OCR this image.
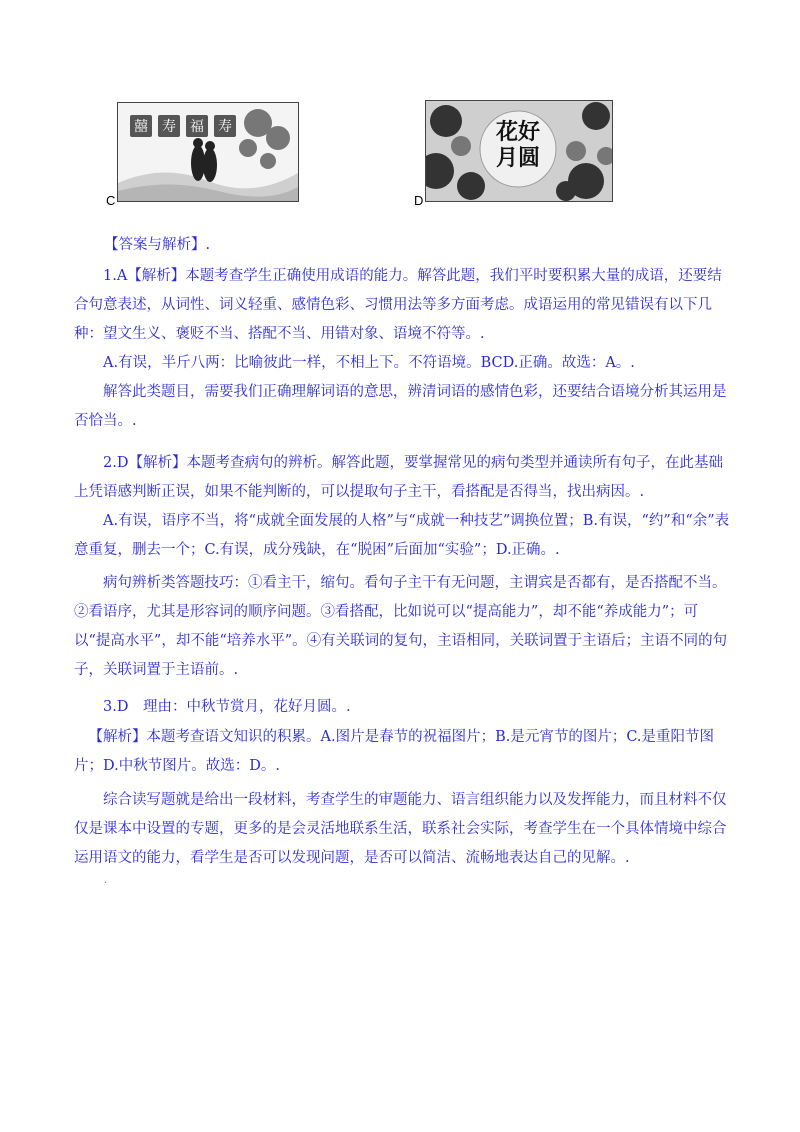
囍 寿 福 寿
C
花好
月圆
D
【答案与解析】.

1.A【解析】本题考查学生正确使用成语的能力。解答此题，我们平时要积累大量的成语，还要结合句意表述，从词性、词义轻重、感情色彩、习惯用法等多方面考虑。成语运用的常见错误有以下几种：望文生义、褒贬不当、搭配不当、用错对象、语境不符等。.

A.有误，半斤八两：比喻彼此一样，不相上下。不符语境。BCD.正确。故选：A。.

解答此类题目，需要我们正确理解词语的意思，辨清词语的感情色彩，还要结合语境分析其运用是否恰当。.

2.D【解析】本题考查病句的辨析。解答此题，要掌握常见的病句类型并通读所有句子，在此基础上凭语感判断正误，如果不能判断的，可以提取句子主干，看搭配是否得当，找出病因。.

A.有误，语序不当，将“成就全面发展的人格”与“成就一种技艺”调换位置；B.有误，“约”和“余”表意重复，删去一个；C.有误，成分残缺，在“脱困”后面加“实验”；D.正确。.

病句辨析类答题技巧：①看主干，缩句。看句子主干有无问题，主谓宾是否都有，是否搭配不当。②看语序，尤其是形容词的顺序问题。③看搭配，比如说可以“提高能力”，却不能“养成能力”；可以“提高水平”，却不能“培养水平”。④有关联词的复句，主语相同，关联词置于主语后；主语不同的句子，关联词置于主语前。.

3.D　理由：中秋节赏月，花好月圆。.

【解析】本题考查语文知识的积累。A.图片是春节的祝福图片；B.是元宵节的图片；C.是重阳节图片；D.中秋节图片。故选：D。.

综合读写题就是给出一段材料，考查学生的审题能力、语言组织能力以及发挥能力，而且材料不仅仅是课本中设置的专题，更多的是会灵活地联系生活，联系社会实际，考查学生在一个具体情境中综合运用语文的能力，看学生是否可以发现问题，是否可以简洁、流畅地表达自己的见解。.

·
